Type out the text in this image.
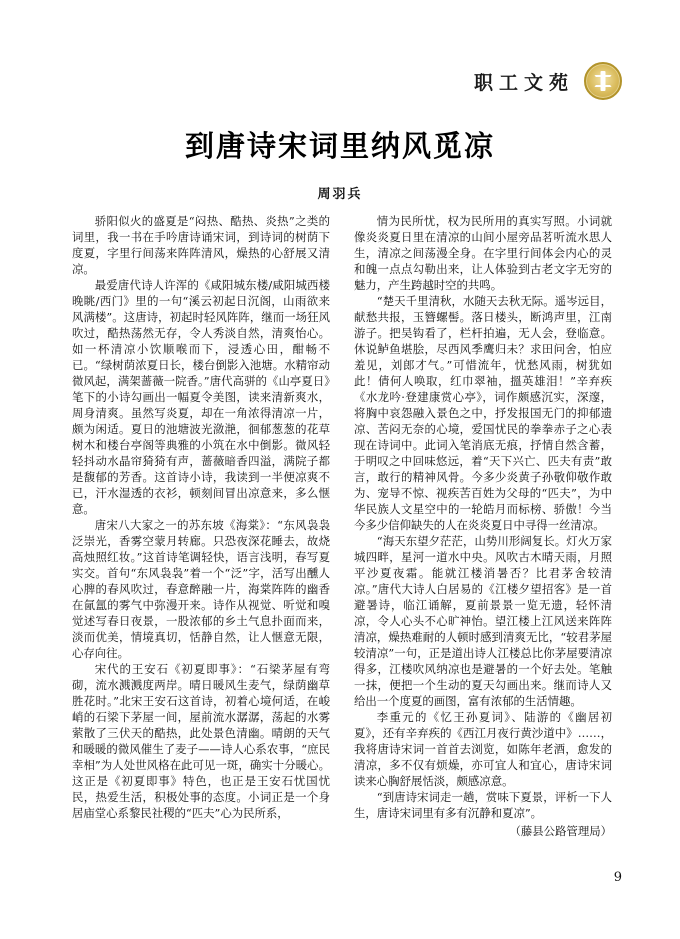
职工文苑
到唐诗宋词里纳风觅凉
周羽兵

骄阳似火的盛夏是“闷热、酷热、炎热”之类的词里，我一书在手吟唐诗诵宋词，到诗词的树荫下度夏，字里行间荡来阵阵清风，燥热的心舒展又清凉。

最爱唐代诗人许浑的《咸阳城东楼/咸阳城西楼晚眺/西门》里的一句“溪云初起日沉阁，山雨欲来风满楼”。这唐诗，初起时轻风阵阵，继而一场狂风吹过，酷热荡然无存，令人秀淡自然，清爽怡心。如一杯清凉小饮顺喉而下，浸透心田，酣畅不已。“绿树荫浓夏日长，楼台倒影入池塘。水精帘动微风起，满架蔷薇一院香。”唐代高骈的《山亭夏日》笔下的小诗勾画出一幅夏令美图，读来清新爽水，周身清爽。虽然写炎夏，却在一角浓得清凉一片，颇为闲适。夏日的池塘波光潋滟，徊郁葱葱的花草树木和楼台亭阁等典雅的小筑在水中倒影。微风轻轻抖动水晶帘猗猗有声，蔷薇暗香四溢，满院子都是馥郁的芳香。这首诗小诗，我读到一半便凉爽不已，汗水湿透的衣衫，顿刻间冒出凉意来，多么惬意。

唐宋八大家之一的苏东坡《海棠》：“东风袅袅泛崇光，香雾空蒙月转廊。只恐夜深花睡去，故烧高烛照红妆。”这首诗笔调轻快，语言浅明，春写夏实交。首句“东风袅袅”着一个“泛”字，活写出醺人心脾的春风吹过，春意醉融一片，海棠阵阵的幽香在氤氲的雾气中弥漫开来。诗作从视觉、听觉和嗅觉述写春日夜景，一股浓郁的乡土气息扑面而来，淡而优美，情境真切，恬静自然，让人惬意无限，心存向往。

宋代的王安石《初夏即事》：“石梁茅屋有弯砌，流水溅溅度两岸。晴日暖风生麦气，绿荫幽草胜花时。”北宋王安石这首诗，初着心境何适，在峻峭的石梁下茅屋一间，屋前流水潺潺，荡起的水雾萦散了三伏天的酷热，此处景色清幽。晴朗的天气和暖暖的微风催生了麦子——诗人心系农事，“庶民幸相”为人处世风格在此可见一斑，确实十分暖心。这正是《初夏即事》特色，也正是王安石忧国忧民，热爱生活，积极处事的态度。小词正是一个身居庙堂心系黎民社稷的“匹夫”心为民所系，

情为民所忧，权为民所用的真实写照。小词就像炎炎夏日里在清凉的山间小屋旁品茗听流水思人生，清凉之间荡漫全身。在字里行间体会内心的灵和魄一点点勾勒出来，让人体验到古老文字无穷的魅力，产生跨越时空的共鸣。

“楚天千里清秋，水随天去秋无际。遥岑远目，献愁共报，玉簪螺髻。落日楼头，断鸿声里，江南游子。把吴钩看了，栏杆拍遍，无人会，登临意。休说鲈鱼堪脍，尽西风季鹰归未？求田问舍，怕应羞见，刘郎才气。”可惜流年，忧愁风雨，树犹如此！倩何人唤取，红巾翠袖，搵英雄泪！”辛弃疾《水龙吟·登建康赏心亭》，词作颇感沉实，深邃，将胸中哀怨融入景色之中，抒发报国无门的抑郁遗凉、苦闷无奈的心境，爱国忧民的拳拳赤子之心表现在诗词中。此词入笔消底无痕，抒情自然含蓄，于明叹之中回味悠远，着“天下兴亡、匹夫有责”敢言，敢行的精神风骨。今多少炎黄子孙敬仰敬作敢为、宠导不惊、视疾苦百姓为父母的“匹夫”，为中华民族人文星空中的一轮皓月而标榜、骄傲！今当今多少信仰缺失的人在炎炎夏日中寻得一丝清凉。

“海天东望夕茫茫，山势川形阔复长。灯火万家城四畔，星河一道水中央。风吹古木晴天雨，月照平沙夏夜霜。能就江楼消暑否？比君茅舍较清凉。”唐代大诗人白居易的《江楼夕望招客》是一首避暑诗，临江诵解，夏前景景一览无遗，轻怀清凉，令人心头不心旷神怡。望江楼上江风送来阵阵清凉，燥热难耐的人顿时感到清爽无比，“较君茅屋较清凉”一句，正是道出诗人江楼总比你茅屋要清凉得多，江楼吹风纳凉也是避暑的一个好去处。笔触一抹，便把一个生动的夏天勾画出来。继而诗人又给出一个度夏的画图，富有浓郁的生活情趣。

李重元的《忆王孙夏词》、陆游的《幽居初夏》，还有辛弃疾的《西江月夜行黄沙道中》……，我将唐诗宋词一首首去浏览，如陈年老酒，愈发的清凉，多不仅有烦燥，亦可宜人和宜心，唐诗宋词读来心胸舒展恬淡，颇感凉意。

“到唐诗宋词走一趟，赏味下夏景，评析一下人生，唐诗宋词里有多有沉静和夏凉”。

（藤县公路管理局）

9
